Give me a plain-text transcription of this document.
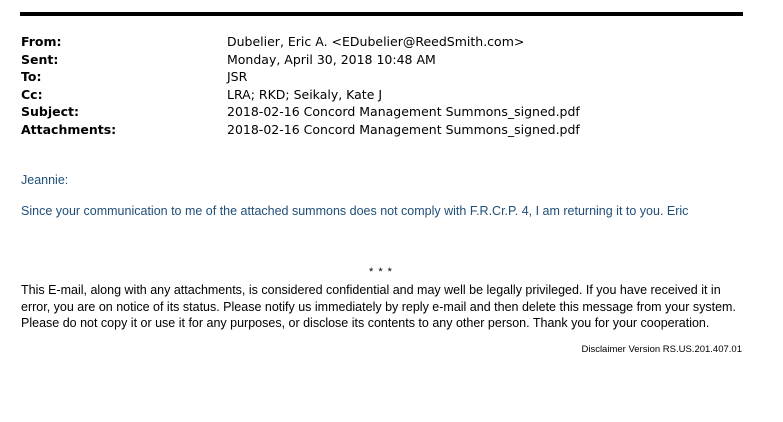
From:	Dubelier, Eric A. <EDubelier@ReedSmith.com>
Sent:	Monday, April 30, 2018 10:48 AM
To:	JSR
Cc:	LRA; RKD; Seikaly, Kate J
Subject:	2018-02-16 Concord Management Summons_signed.pdf
Attachments:	2018-02-16 Concord Management Summons_signed.pdf
Jeannie:
Since your communication to me of the attached summons does not comply with F.R.Cr.P. 4, I am returning it to you. Eric
* * *

This E-mail, along with any attachments, is considered confidential and may well be legally privileged. If you have received it in error, you are on notice of its status. Please notify us immediately by reply e-mail and then delete this message from your system. Please do not copy it or use it for any purposes, or disclose its contents to any other person. Thank you for your cooperation.

Disclaimer Version RS.US.201.407.01
